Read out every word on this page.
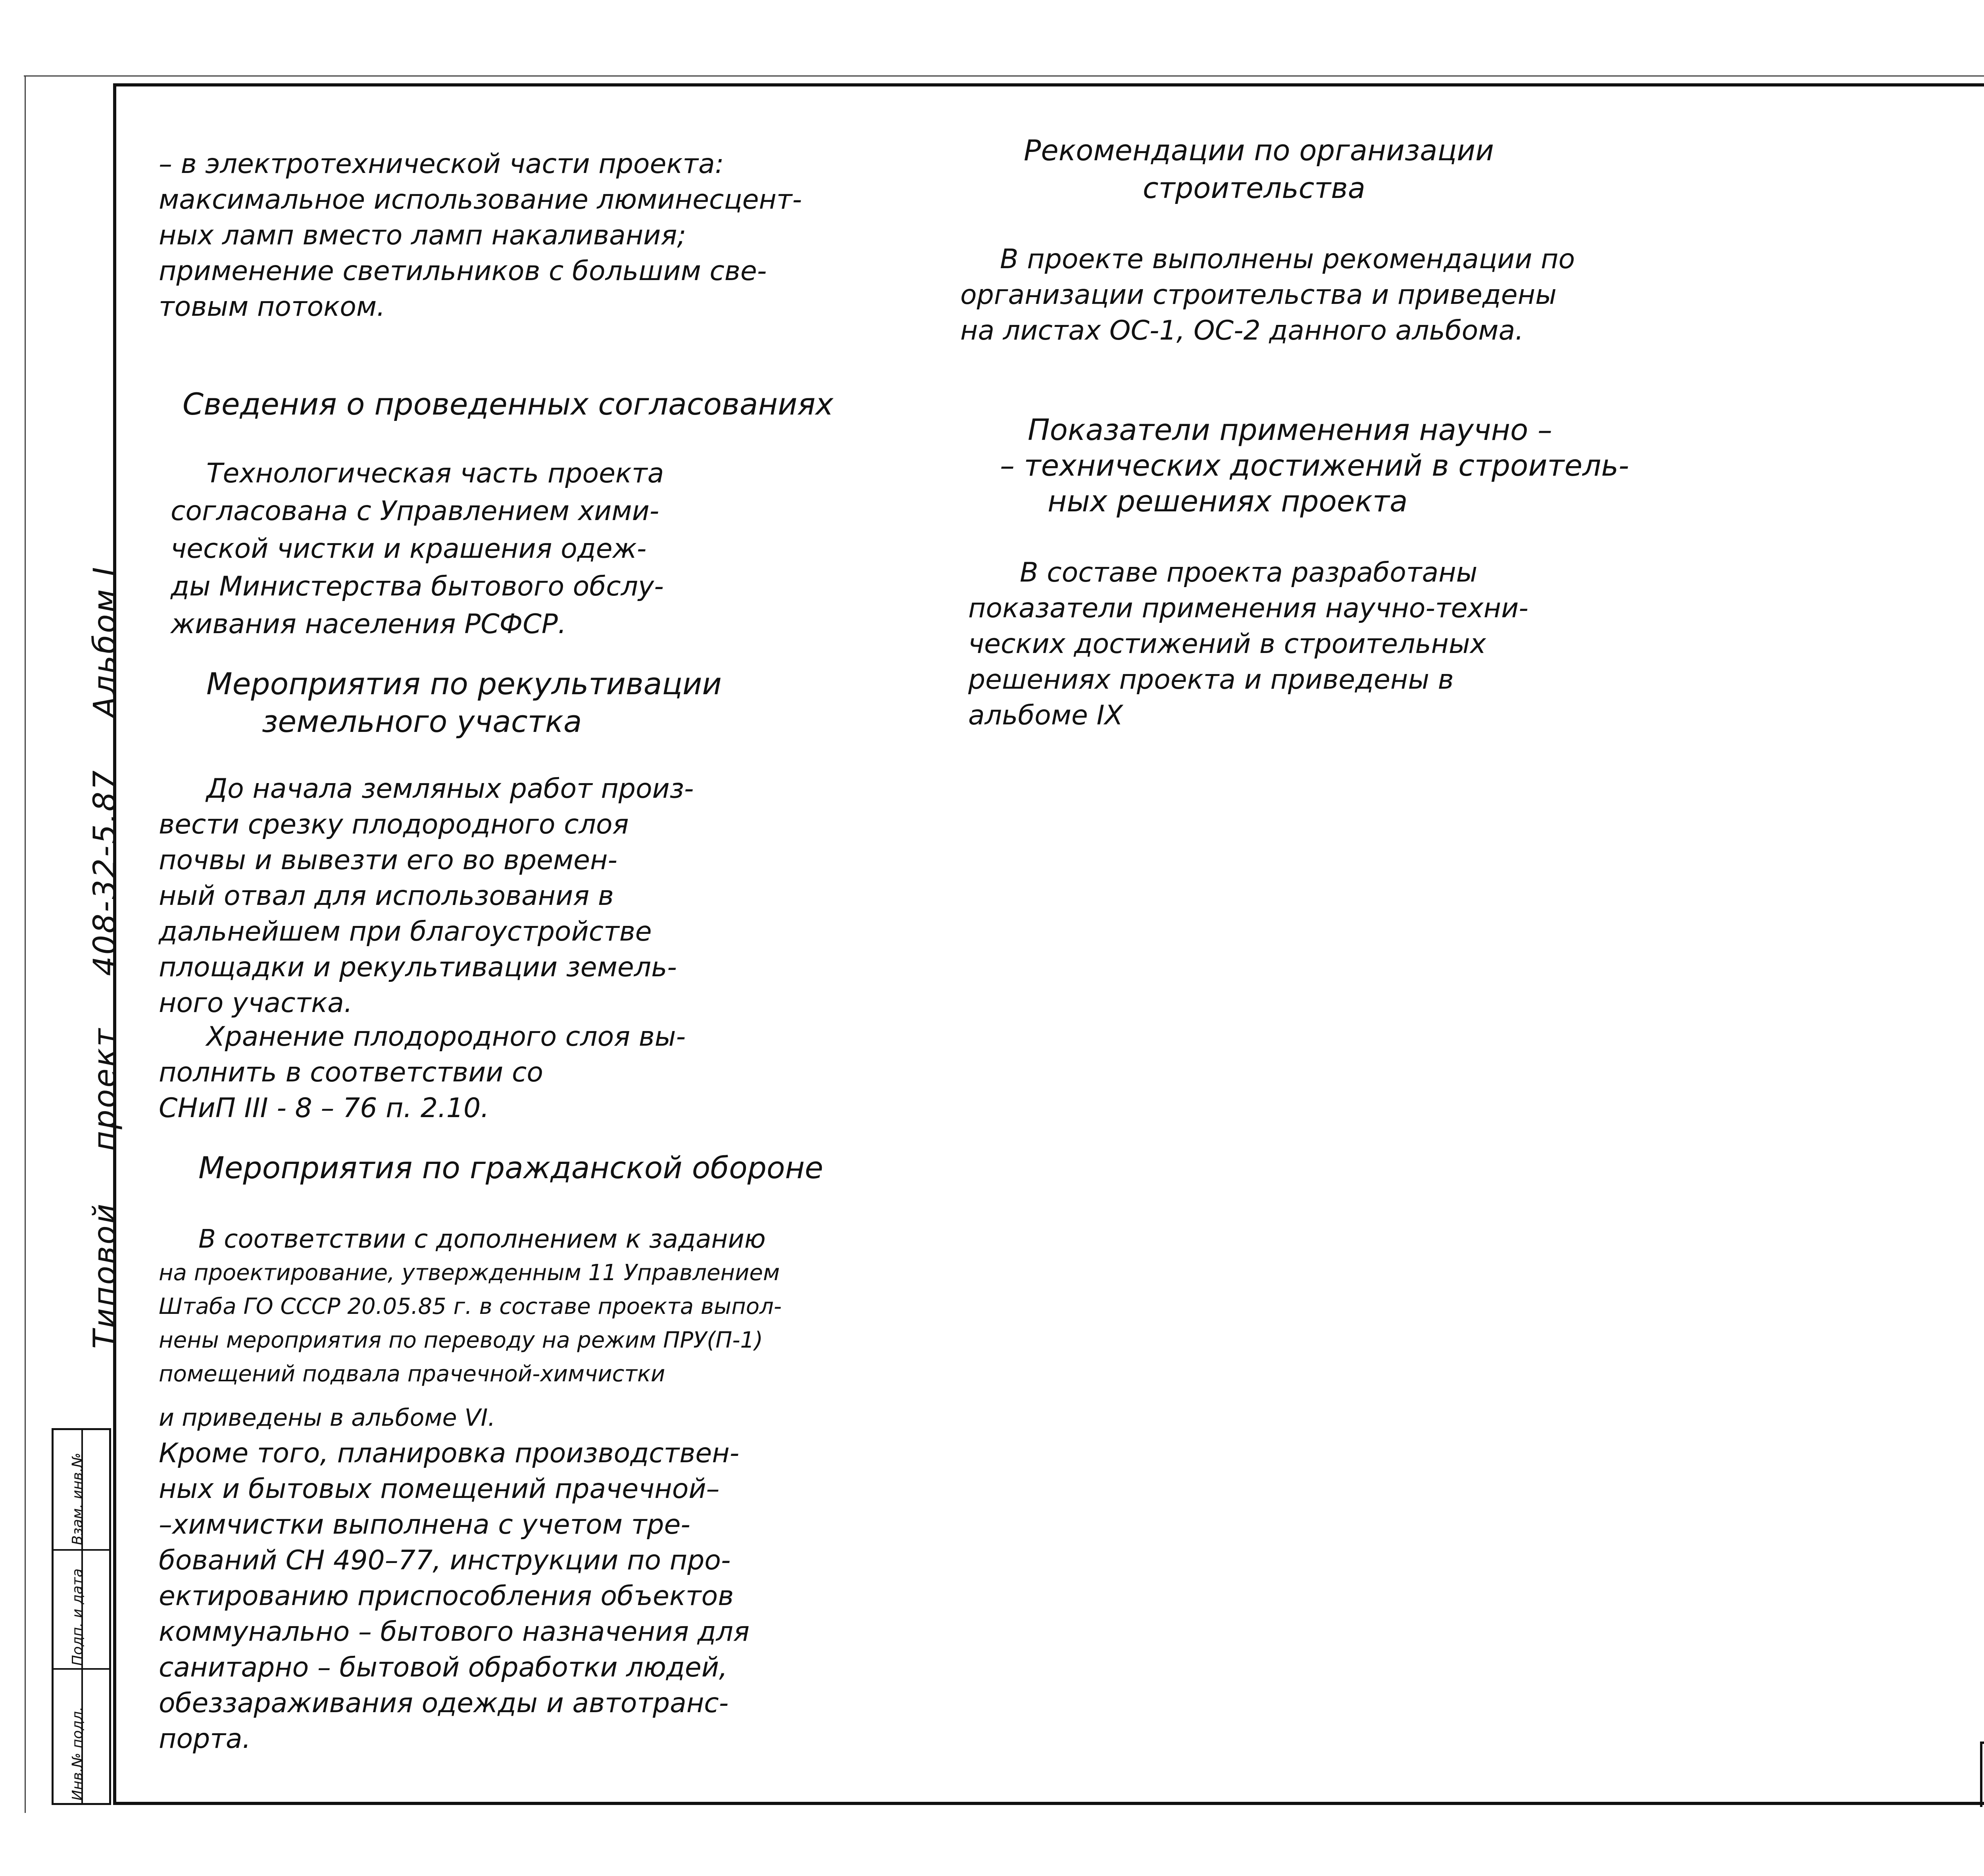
Типовой проект 408-32-5.87 Альбом I
Взам. инв.№
Подп. и дата
Инв.№ подл.
– в электротехнической части проекта:
максимальное использование люминесцент-
ных ламп вместо ламп накаливания;
применение светильников с большим све-
товым потоком.
Сведения о проведенных согласованиях
Технологическая часть проекта
согласована с Управлением хими-
ческой чистки и крашения одеж-
ды Министерства бытового обслу-
живания населения РСФСР.
Мероприятия по рекультивации
земельного участка
До начала земляных работ произ-
вести срезку плодородного слоя
почвы и вывезти его во времен-
ный отвал для использования в
дальнейшем при благоустройстве
площадки и рекультивации земель-
ного участка.
Хранение плодородного слоя вы-
полнить в соответствии со
СНиП III - 8 – 76 п. 2.10.
Мероприятия по гражданской обороне
В соответствии с дополнением к заданию
на проектирование, утвержденным 11 Управлением
Штаба ГО СССР 20.05.85 г. в составе проекта выпол-
нены мероприятия по переводу на режим ПРУ(П-1)
помещений подвала прачечной-химчистки
и приведены в альбоме VI.
Кроме того, планировка производствен-
ных и бытовых помещений прачечной–
–химчистки выполнена с учетом тре-
бований СН 490–77, инструкции по про-
ектированию приспособления объектов
коммунально – бытового назначения для
санитарно – бытовой обработки людей,
обеззараживания одежды и автотранс-
порта.
Рекомендации по организации
строительства
В проекте выполнены рекомендации по
организации строительства и приведены
на листах ОС-1, ОС-2 данного альбома.
Показатели применения научно –
– технических достижений в строитель-
ных решениях проекта
В составе проекта разработаны
показатели применения научно-техни-
ческих достижений в строительных
решениях проекта и приведены в
альбоме IX
